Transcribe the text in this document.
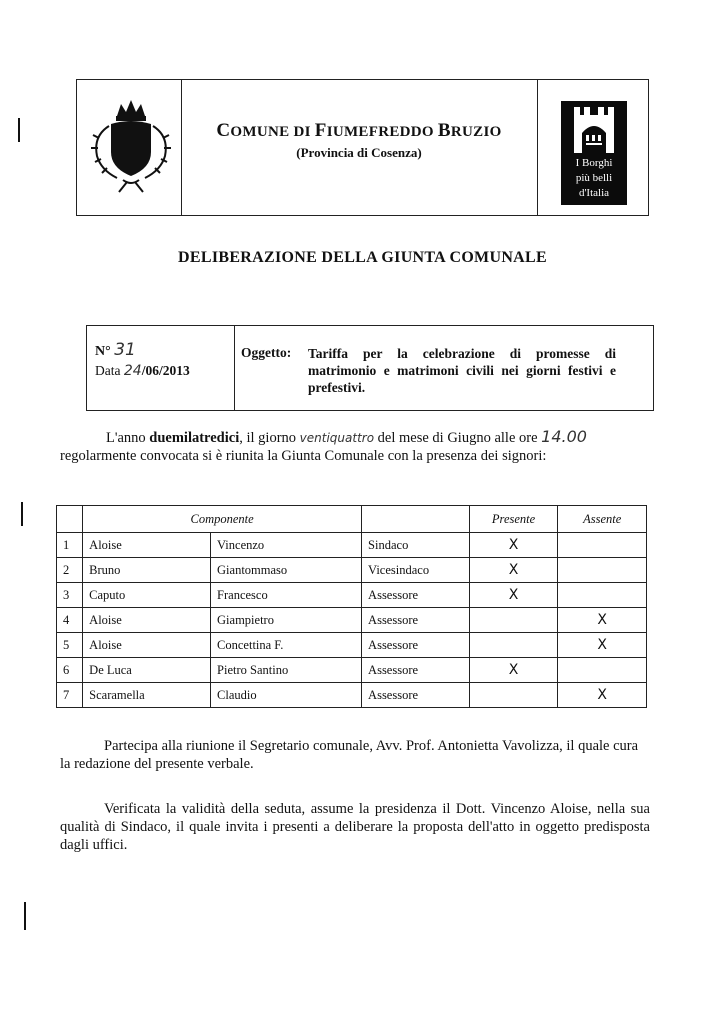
COMUNE DI FIUMEFREDDO BRUZIO
(Provincia di Cosenza)
I Borghi
più belli
d'Italia
DELIBERAZIONE DELLA GIUNTA COMUNALE
N° 31
Data 24/06/2013
Oggetto: Tariffa per la celebrazione di promesse di matrimonio e matrimoni civili nei giorni festivi e prefestivi.
L'anno duemilatredici, il giorno ventiquattro del mese di Giugno alle ore 14.00
regolarmente convocata si è riunita la Giunta Comunale con la presenza dei signori:
	Componente			Presente	Assente
1	Aloise	Vincenzo	Sindaco	X	
2	Bruno	Giantommaso	Vicesindaco	X	
3	Caputo	Francesco	Assessore	X	
4	Aloise	Giampietro	Assessore		X
5	Aloise	Concettina F.	Assessore		X
6	De Luca	Pietro Santino	Assessore	X	
7	Scaramella	Claudio	Assessore		X
Partecipa alla riunione il Segretario comunale, Avv. Prof. Antonietta Vavolizza, il quale cura la redazione del presente verbale.
Verificata la validità della seduta, assume la presidenza il Dott. Vincenzo Aloise, nella sua qualità di Sindaco, il quale invita i presenti a deliberare la proposta dell'atto in oggetto predisposta dagli uffici.
